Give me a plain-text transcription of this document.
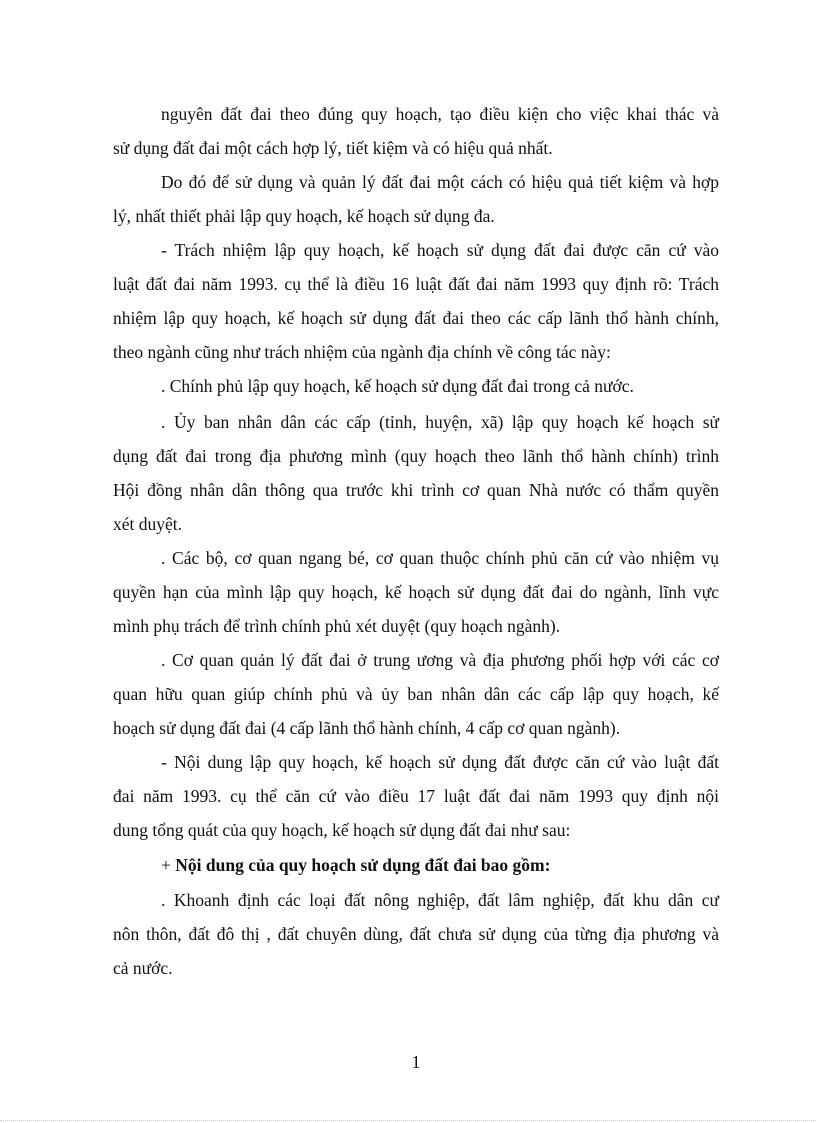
nguyên đất đai theo đúng quy hoạch, tạo điều kiện cho việc khai thác và
sử dụng đất đai một cách hợp lý, tiết kiệm và có hiệu quả nhất.
Do đó để sử dụng và quản lý đất đai một cách có hiệu quả tiết kiệm và hợp
lý, nhất thiết phải lập quy hoạch, kế hoạch sử dụng đa.
- Trách nhiệm lập quy hoạch, kế hoạch sử dụng đất đai được căn cứ vào
luật đất đai năm 1993. cụ thể là điều 16 luật đất đai năm 1993 quy định rõ: Trách
nhiệm lập quy hoạch, kế hoạch sử dụng đất đai theo các cấp lãnh thổ hành chính,
theo ngành cũng như trách nhiệm của ngành địa chính về công tác này:
. Chính phủ lập quy hoạch, kế hoạch sử dụng đất đai trong cả nước.
. Ủy ban nhân dân các cấp (tỉnh, huyện, xã) lập quy hoạch kế hoạch sử
dụng đất đai trong địa phương mình (quy hoạch theo lãnh thổ hành chính) trình
Hội đồng nhân dân thông qua trước khi trình cơ quan Nhà nước có thẩm quyền
xét duyệt.
. Các bộ, cơ quan ngang bé, cơ quan thuộc chính phủ căn cứ vào nhiệm vụ
quyền hạn của mình lập quy hoạch, kế hoạch sử dụng đất đai do ngành, lĩnh vực
mình phụ trách để trình chính phủ xét duyệt (quy hoạch ngành).
. Cơ quan quản lý đất đai ở trung ương và địa phương phối hợp với các cơ
quan hữu quan giúp chính phủ và ủy ban nhân dân các cấp lập quy hoạch, kế
hoạch sử dụng đất đai (4 cấp lãnh thổ hành chính, 4 cấp cơ quan ngành).
- Nội dung lập quy hoạch, kế hoạch sử dụng đất được căn cứ vào luật đất
đai năm 1993. cụ thể căn cứ vào điều 17 luật đất đai năm 1993 quy định nội
dung tổng quát của quy hoạch, kế hoạch sử dụng đất đai như sau:
+ Nội dung của quy hoạch sử dụng đất đai bao gồm:
. Khoanh định các loại đất nông nghiệp, đất lâm nghiệp, đất khu dân cư
nôn thôn, đất đô thị , đất chuyên dùng, đất chưa sử dụng của từng địa phương và
cả nước.
1
